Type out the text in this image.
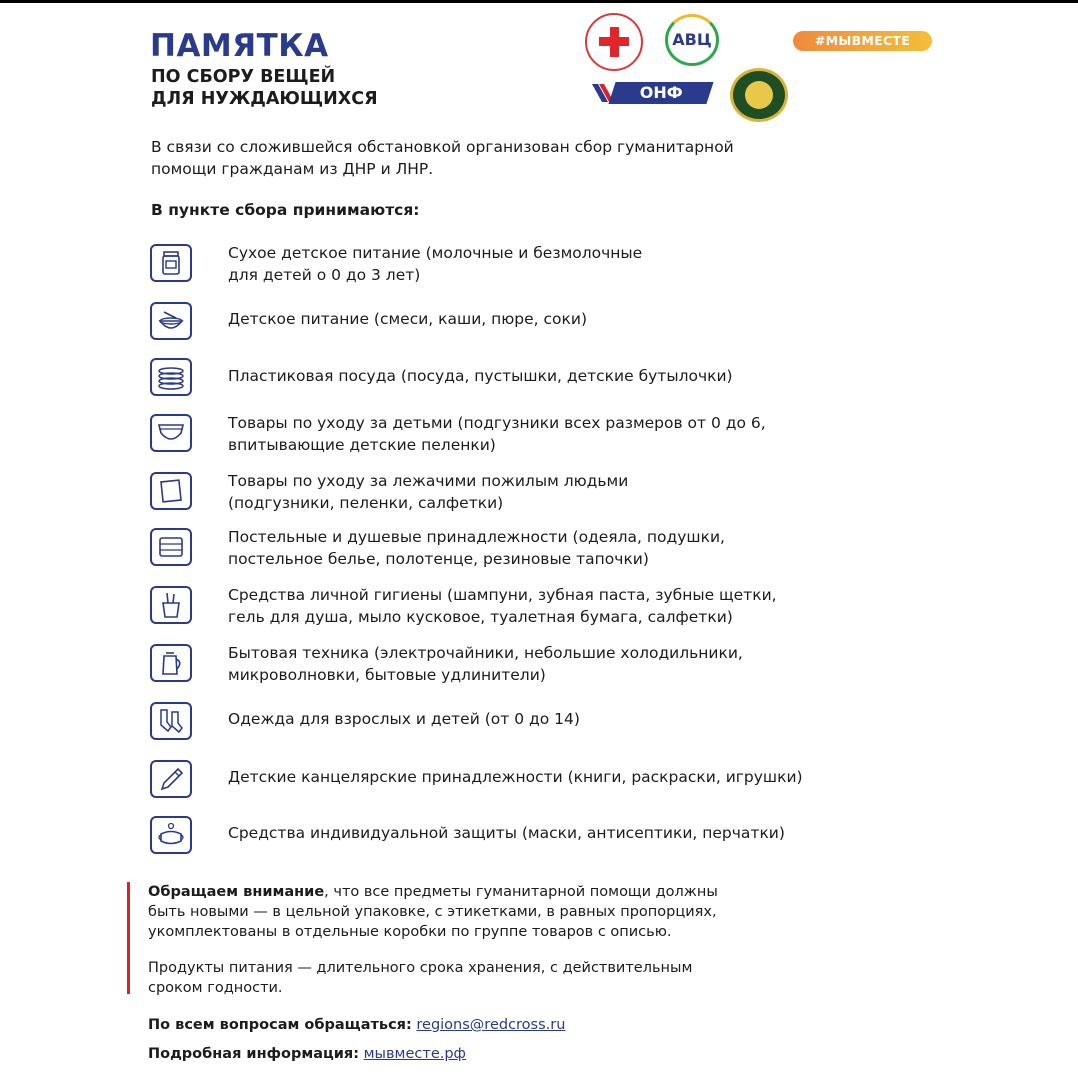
ПАМЯТКА
ПО СБОРУ ВЕЩЕЙ
ДЛЯ НУЖДАЮЩИХСЯ
АВЦ	#МЫВМЕСТЕ
ОНФ
В связи со сложившейся обстановкой организован сбор гуманитарной
помощи гражданам из ДНР и ЛНР.
В пункте сбора принимаются:
Сухое детское питание (молочные и безмолочные
для детей о 0 до 3 лет)
Детское питание (смеси, каши, пюре, соки)
Пластиковая посуда (посуда, пустышки, детские бутылочки)
Товары по уходу за детьми (подгузники всех размеров от 0 до 6,
впитывающие детские пеленки)
Товары по уходу за лежачими пожилым людьми
(подгузники, пеленки, салфетки)
Постельные и душевые принадлежности (одеяла, подушки,
постельное белье, полотенце, резиновые тапочки)
Средства личной гигиены (шампуни, зубная паста, зубные щетки,
гель для душа, мыло кусковое, туалетная бумага, салфетки)
Бытовая техника (электрочайники, небольшие холодильники,
микроволновки, бытовые удлинители)
Одежда для взрослых и детей (от 0 до 14)
Детские канцелярские принадлежности (книги, раскраски, игрушки)
Средства индивидуальной защиты (маски, антисептики, перчатки)
Обращаем внимание, что все предметы гуманитарной помощи должны
быть новыми — в цельной упаковке, с этикетками, в равных пропорциях,
укомплектованы в отдельные коробки по группе товаров с описью.
Продукты питания — длительного срока хранения, с действительным
сроком годности.
По всем вопросам обращаться: regions@redcross.ru
Подробная информация: мывместе.рф
